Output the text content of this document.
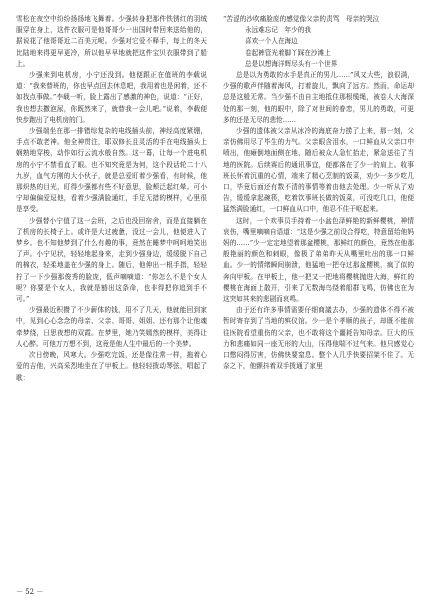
雪松在夜空中纷纷扬扬地飞舞着。少强转身把那件铁锈红的羽绒服穿在身上，这件衣服可是他哥哥少一出国时带回来送给他的，据说花了他哥哥近二百美元呢。少强对它爱不释手，每上的冬天比陆地来得更早更冷，所以他早早地就把这件宝贝衣服带到了船上。

少强来到电机房，小宁还没到。他便跟正在值班的李载说道：“我来替班的，你也早点回去休息吧，我用着也是闲着，还不如找点事做。”李载一听，脸上露出了感激的神色，说道：“正好，我也想去撒泡尿，你既然来了，就替我一会儿吧。”说着，李载便快步跑出了电机房的门。

少强端坐在那一排错综复杂的电线插头前，神经高度紧绷，手点不敢老神。他全神贯注，耶双修长且灵活的手在电线插头上娴熟地穿梭，动作如行云流水般自然。这一幕，让每一个进电机房的小宁不禁看直了眼。也不知究竟是为何，这个段话轮二十八九岁，血气方刚的大小伙子，就是总爱盯着少强看，有时候，他那炽热的目光，盯得少强都有些不好意思，脸颊泛起红晕。可小宁却偏偏爱逗他，看着少强满脸通红，手足无措的模样，心里很是享受。

少强替小宁值了这一会班，之后也没回宿舍，而是直接躺在了机房的长椅子上。或许是大过疲惫，没过一会儿，他便进入了梦乡。也不知他梦到了什么有趣的事，竟然在睡梦中呵呵地笑出了声。小宁见状，轻轻地起身来，走到少强身边，缓缓脱下自己的棉衣，轻柔地盖在少强的身上。随后，他伸出一根手指，轻轻拧了一下少强那俊秀的脸庞，低声嘀嘀道：“你怎么不是个女人呢？你要是个女人，我就是豁出这条命，也非得把你追到手不可。”

少强最近积攒了不少薪体的钱，用不了几天，他就能回到家中，见到心心念念的母亲、父亲、哥哥、姐姐、还有那个让他魂牵梦绕，日思夜想的双霞。在梦里，她乃笑嫣然的模样，美得让人心醉。可他万万想不到，这竟是他人生中最后的一个美梦。

次日傍晚，风寒大。少强吃完饭，还是像往常一样，拖着心爱的吉他，兴高采烈地坐在了甲板上。他轻轻拨动琴弦，唱起了歌：

“苦涩的沙吹痛脸庞的感觉像父亲的责骂　母亲的哭泣

永远难忘记　年少的我
喜欢一个人在海边
卷起裤管光着脚丫踩在沙滩上
总是以想海洋辉尽头有一个世界

总是以为勇敢的水手是真正的男儿……”风又大些，浪很满，少强的歌声伴随着海风，打着旋儿，飘向了远方。然而，命运却总是这般无常。当少强不由自主地抵住那根缆绳，被卷人大海深处的那一刻，他的眼中，除了对世间的眷恋，男儿的勇敢，可更多的还是无尽的悲怆……

少强的遗体被父亲从冰冷的海底奋力捞了上来，那一刻，父亲仿佛用尽了毕生的力气。父亲眼含泪水，一口鲜血从父亲口中喷出，他瘫倒地面侧在地，随后被众人急忙抬走，紧急送往了当地的医院。后续赛后的通讯事宜，便都落在了少一的肩上。收事班长怀着沉重的心情，端来了精心烹制的饭菜，劝少一多少吃几口，毕竟后面还有数不清的事情等着由他去处理。少一听从了劝告，缓缓拿起碗筷，吃着饮事班长做的饭菜，可没吃几口，他便猛然满脸通红，一口鲜血从口中，他忍不住干呕起来。

这时，一个欢事员手持着一小盆色泽鲜艳的新鲜樱桃，神情哀伤，嘴里嘀嘀自语道：“这是少强之前设合得吃，特意留给他妈妈的……”少一定定地望着那盆樱桃，那鲜红的颜色，竟然在他那般艳丽的颜色和刺眼，像极了弟弟昨天从嘴里吐出的那一口鲜血。少一的情绪瞬间崩溃，他猛地一把夺过那盆樱桃，疯了似的奔向甲板。在甲板上，他一把又一把地将樱桃抛进大海，鲜红的樱桃在海面上散开，引来了无数海鸟绕着船群飞鸣，仿佛也在为这突如其来的悲剧而哀鸣。

由于还有许多事情需要仔细商議去办，少强的遗体不得不被暂时寄存到了当地的殡仪馆。少一是个孝顺的孩子，却既不能前往医院看望重伤的父亲，也不敢将这个噩耗告知母亲。巨大的压力和悲痛如同一座无形的大山，压得他喘不过气来。他只感觉心口憋闷得厉害，仿佛快要窒息。整个人几乎快要招架不住了。无奈之下，他颤抖着双手拨通了家里

－ 52 －
